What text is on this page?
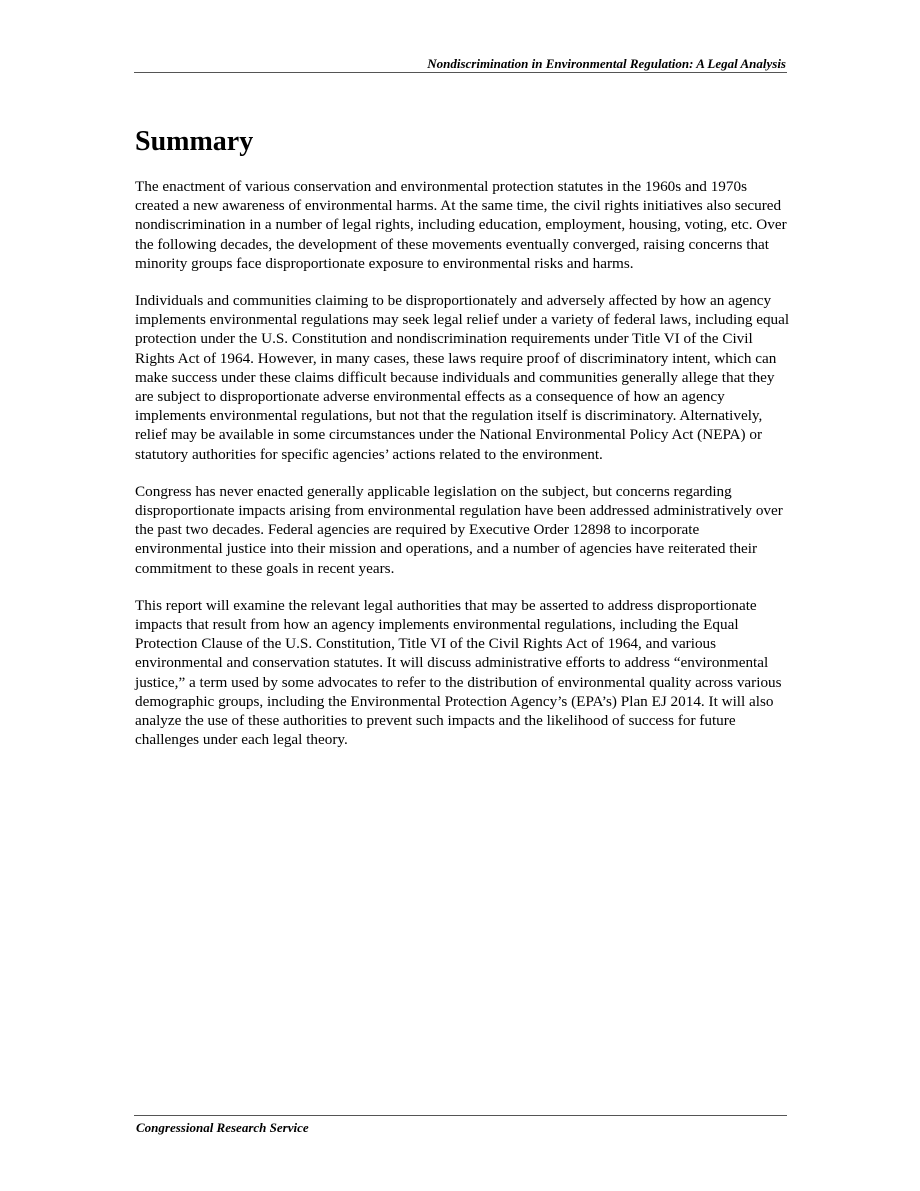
Nondiscrimination in Environmental Regulation: A Legal Analysis
Summary

The enactment of various conservation and environmental protection statutes in the 1960s and 1970s created a new awareness of environmental harms. At the same time, the civil rights initiatives also secured nondiscrimination in a number of legal rights, including education, employment, housing, voting, etc. Over the following decades, the development of these movements eventually converged, raising concerns that minority groups face disproportionate exposure to environmental risks and harms.

Individuals and communities claiming to be disproportionately and adversely affected by how an agency implements environmental regulations may seek legal relief under a variety of federal laws, including equal protection under the U.S. Constitution and nondiscrimination requirements under Title VI of the Civil Rights Act of 1964. However, in many cases, these laws require proof of discriminatory intent, which can make success under these claims difficult because individuals and communities generally allege that they are subject to disproportionate adverse environmental effects as a consequence of how an agency implements environmental regulations, but not that the regulation itself is discriminatory. Alternatively, relief may be available in some circumstances under the National Environmental Policy Act (NEPA) or statutory authorities for specific agencies’ actions related to the environment.

Congress has never enacted generally applicable legislation on the subject, but concerns regarding disproportionate impacts arising from environmental regulation have been addressed administratively over the past two decades. Federal agencies are required by Executive Order 12898 to incorporate environmental justice into their mission and operations, and a number of agencies have reiterated their commitment to these goals in recent years.

This report will examine the relevant legal authorities that may be asserted to address disproportionate impacts that result from how an agency implements environmental regulations, including the Equal Protection Clause of the U.S. Constitution, Title VI of the Civil Rights Act of 1964, and various environmental and conservation statutes. It will discuss administrative efforts to address “environmental justice,” a term used by some advocates to refer to the distribution of environmental quality across various demographic groups, including the Environmental Protection Agency’s (EPA’s) Plan EJ 2014. It will also analyze the use of these authorities to prevent such impacts and the likelihood of success for future challenges under each legal theory.

Congressional Research Service
